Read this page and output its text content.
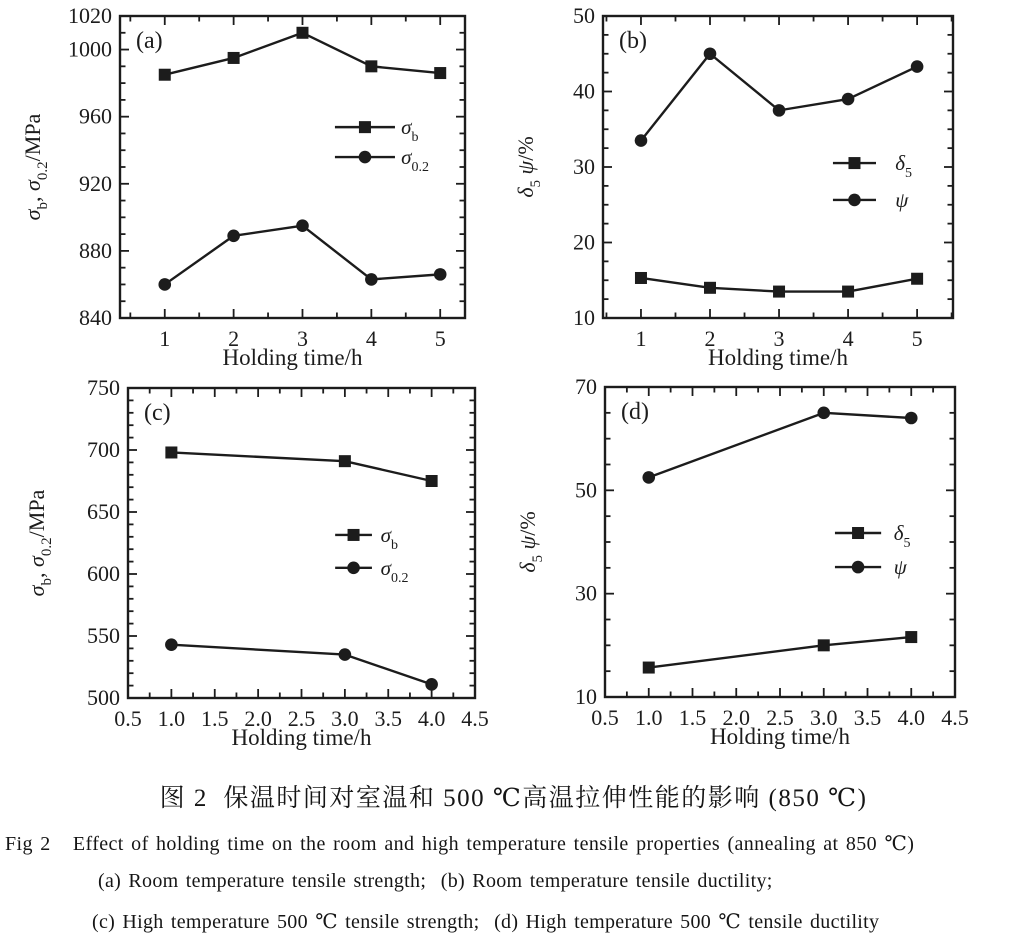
1	2	3	4	5
840
880
920
960
1000
1020
Holding time/h
$\sigma_b$, $\sigma_{0.2}$/MPa
(a)
$\sigma_b$
$\sigma_{0.2}$
1	2	3	4	5
10
20
30
40
50
Holding time/h
$\delta_5$ ψ/%
(b)
$\delta_5$
ψ
0.5 1.0 1.5 2.0 2.5 3.0 3.5 4.0 4.5
500
550
600
650
700
750
Holding time/h
$\sigma_b$, $\sigma_{0.2}$/MPa
(c)
$\sigma_b$
$\sigma_{0.2}$
0.5 1.0 1.5 2.0 2.5 3.0 3.5 4.0 4.5
10
30
50
70
Holding time/h
$\delta_5$ ψ/%
(d)
$\delta_5$
ψ
图 2  保温时间对室温和 500 ℃高温拉伸性能的影响 (850 ℃)
Fig 2   Effect of holding time on the room and high temperature tensile properties (annealing at 850 ℃)
(a) Room temperature tensile strength;  (b) Room temperature tensile ductility;
(c) High temperature 500 ℃ tensile strength;  (d) High temperature 500 ℃ tensile ductility
